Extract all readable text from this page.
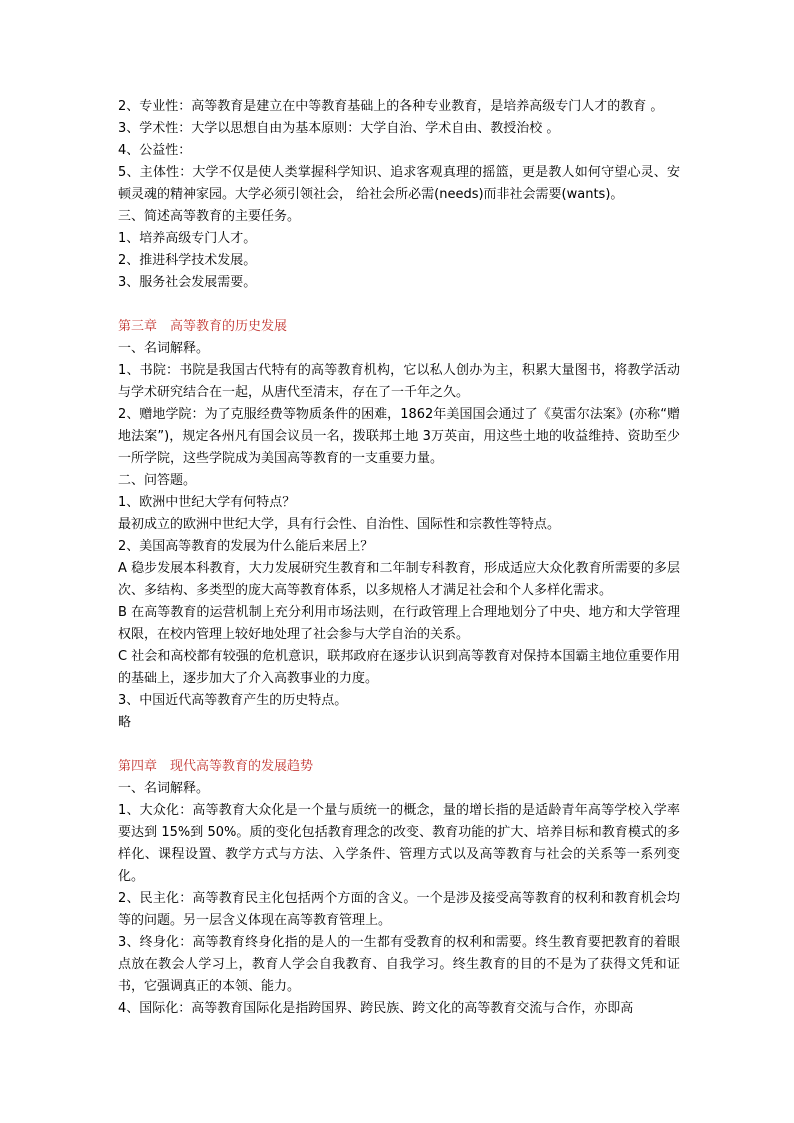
2、专业性：高等教育是建立在中等教育基础上的各种专业教育，是培养高级专门人才的教育 。

3、学术性：大学以思想自由为基本原则：大学自治、学术自由、教授治校 。

4、公益性：

5、主体性：大学不仅是使人类掌握科学知识、追求客观真理的摇篮，更是教人如何守望心灵、安顿灵魂的精神家园。大学必须引领社会， 给社会所必需(needs)而非社会需要(wants)。

三、简述高等教育的主要任务。

1、培养高级专门人才。

2、推进科学技术发展。

3、服务社会发展需要。

第三章　高等教育的历史发展

一、名词解释。

1、书院：书院是我国古代特有的高等教育机构，它以私人创办为主，积累大量图书，将教学活动与学术研究结合在一起，从唐代至清末，存在了一千年之久。

2、赠地学院：为了克服经费等物质条件的困难，1862年美国国会通过了《莫雷尔法案》(亦称“赠地法案”)，规定各州凡有国会议员一名，拨联邦土地 3万英亩，用这些土地的收益维持、资助至少一所学院，这些学院成为美国高等教育的一支重要力量。

二、问答题。

1、欧洲中世纪大学有何特点？

最初成立的欧洲中世纪大学，具有行会性、自治性、国际性和宗教性等特点。

2、美国高等教育的发展为什么能后来居上？

A 稳步发展本科教育，大力发展研究生教育和二年制专科教育，形成适应大众化教育所需要的多层次、多结构、多类型的庞大高等教育体系，以多规格人才满足社会和个人多样化需求。

B 在高等教育的运营机制上充分利用市场法则，在行政管理上合理地划分了中央、地方和大学管理权限，在校内管理上较好地处理了社会参与大学自治的关系。

C 社会和高校都有较强的危机意识，联邦政府在逐步认识到高等教育对保持本国霸主地位重要作用的基础上，逐步加大了介入高教事业的力度。

3、中国近代高等教育产生的历史特点。

略

第四章　现代高等教育的发展趋势

一、名词解释。

1、大众化：高等教育大众化是一个量与质统一的概念，量的增长指的是适龄青年高等学校入学率要达到 15%到 50%。质的变化包括教育理念的改变、教育功能的扩大、培养目标和教育模式的多样化、课程设置、教学方式与方法、入学条件、管理方式以及高等教育与社会的关系等一系列变化。

2、民主化：高等教育民主化包括两个方面的含义。一个是涉及接受高等教育的权利和教育机会均等的问题。另一层含义体现在高等教育管理上。

3、终身化：高等教育终身化指的是人的一生都有受教育的权利和需要。终生教育要把教育的着眼点放在教会人学习上，教育人学会自我教育、自我学习。终生教育的目的不是为了获得文凭和证书，它强调真正的本领、能力。

4、国际化：高等教育国际化是指跨国界、跨民族、跨文化的高等教育交流与合作，亦即高
